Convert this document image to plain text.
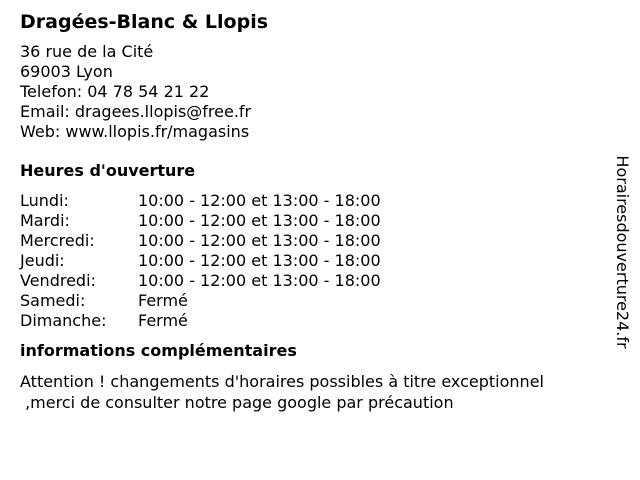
Dragées-Blanc & Llopis
36 rue de la Cité
69003 Lyon
Telefon: 04 78 54 21 22
Email: dragees.llopis@free.fr
Web: www.llopis.fr/magasins
Heures d'ouverture
Lundi:	10:00 - 12:00 et 13:00 - 18:00
Mardi:	10:00 - 12:00 et 13:00 - 18:00
Mercredi:	10:00 - 12:00 et 13:00 - 18:00
Jeudi:	10:00 - 12:00 et 13:00 - 18:00
Vendredi:	10:00 - 12:00 et 13:00 - 18:00
Samedi:	Fermé
Dimanche:	Fermé
informations complémentaires
Attention ! changements d'horaires possibles à titre exceptionnel
,merci de consulter notre page google par précaution
Horairesdouverture24.fr
